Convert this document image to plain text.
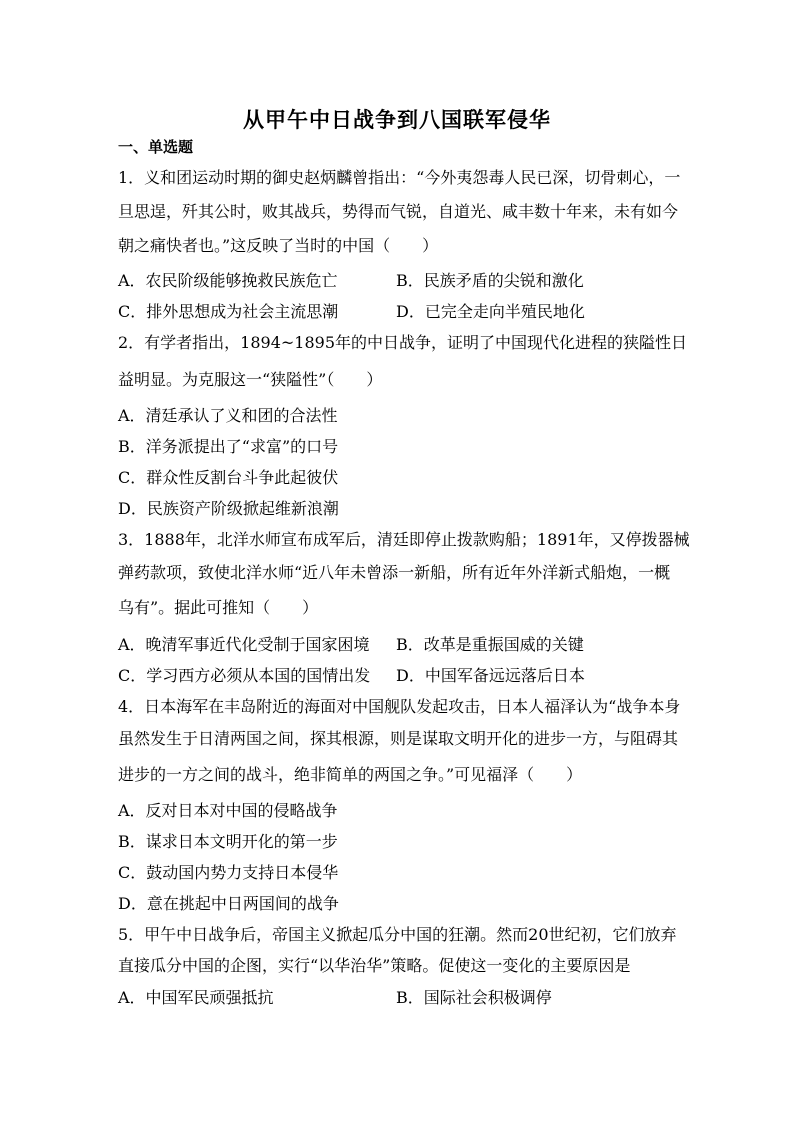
从甲午中日战争到八国联军侵华
一、单选题
1．义和团运动时期的御史赵炳麟曾指出：“今外夷怨毒人民已深，切骨刺心，一
旦思逞，歼其公时，败其战兵，势得而气锐，自道光、咸丰数十年来，未有如今
朝之痛快者也。”这反映了当时的中国（　　）
A．农民阶级能够挽救民族危亡	B．民族矛盾的尖锐和激化
C．排外思想成为社会主流思潮	D．已完全走向半殖民地化
2．有学者指出，1894~1895年的中日战争，证明了中国现代化进程的狭隘性日
益明显。为克服这一“狭隘性”（　　）
A．清廷承认了义和团的合法性
B．洋务派提出了“求富”的口号
C．群众性反割台斗争此起彼伏
D．民族资产阶级掀起维新浪潮
3．1888年，北洋水师宣布成军后，清廷即停止拨款购船；1891年，又停拨器械
弹药款项，致使北洋水师“近八年未曾添一新船，所有近年外洋新式船炮，一概
乌有”。据此可推知（　　）
A．晚清军事近代化受制于国家困境 B．改革是重振国威的关键
C．学习西方必须从本国的国情出发 D．中国军备远远落后日本
4．日本海军在丰岛附近的海面对中国舰队发起攻击，日本人福泽认为“战争本身
虽然发生于日清两国之间，探其根源，则是谋取文明开化的进步一方，与阻碍其
进步的一方之间的战斗，绝非简单的两国之争。”可见福泽（　　）
A．反对日本对中国的侵略战争
B．谋求日本文明开化的第一步
C．鼓动国内势力支持日本侵华
D．意在挑起中日两国间的战争
5．甲午中日战争后，帝国主义掀起瓜分中国的狂潮。然而20世纪初，它们放弃
直接瓜分中国的企图，实行“以华治华”策略。促使这一变化的主要原因是
A．中国军民顽强抵抗	B．国际社会积极调停
